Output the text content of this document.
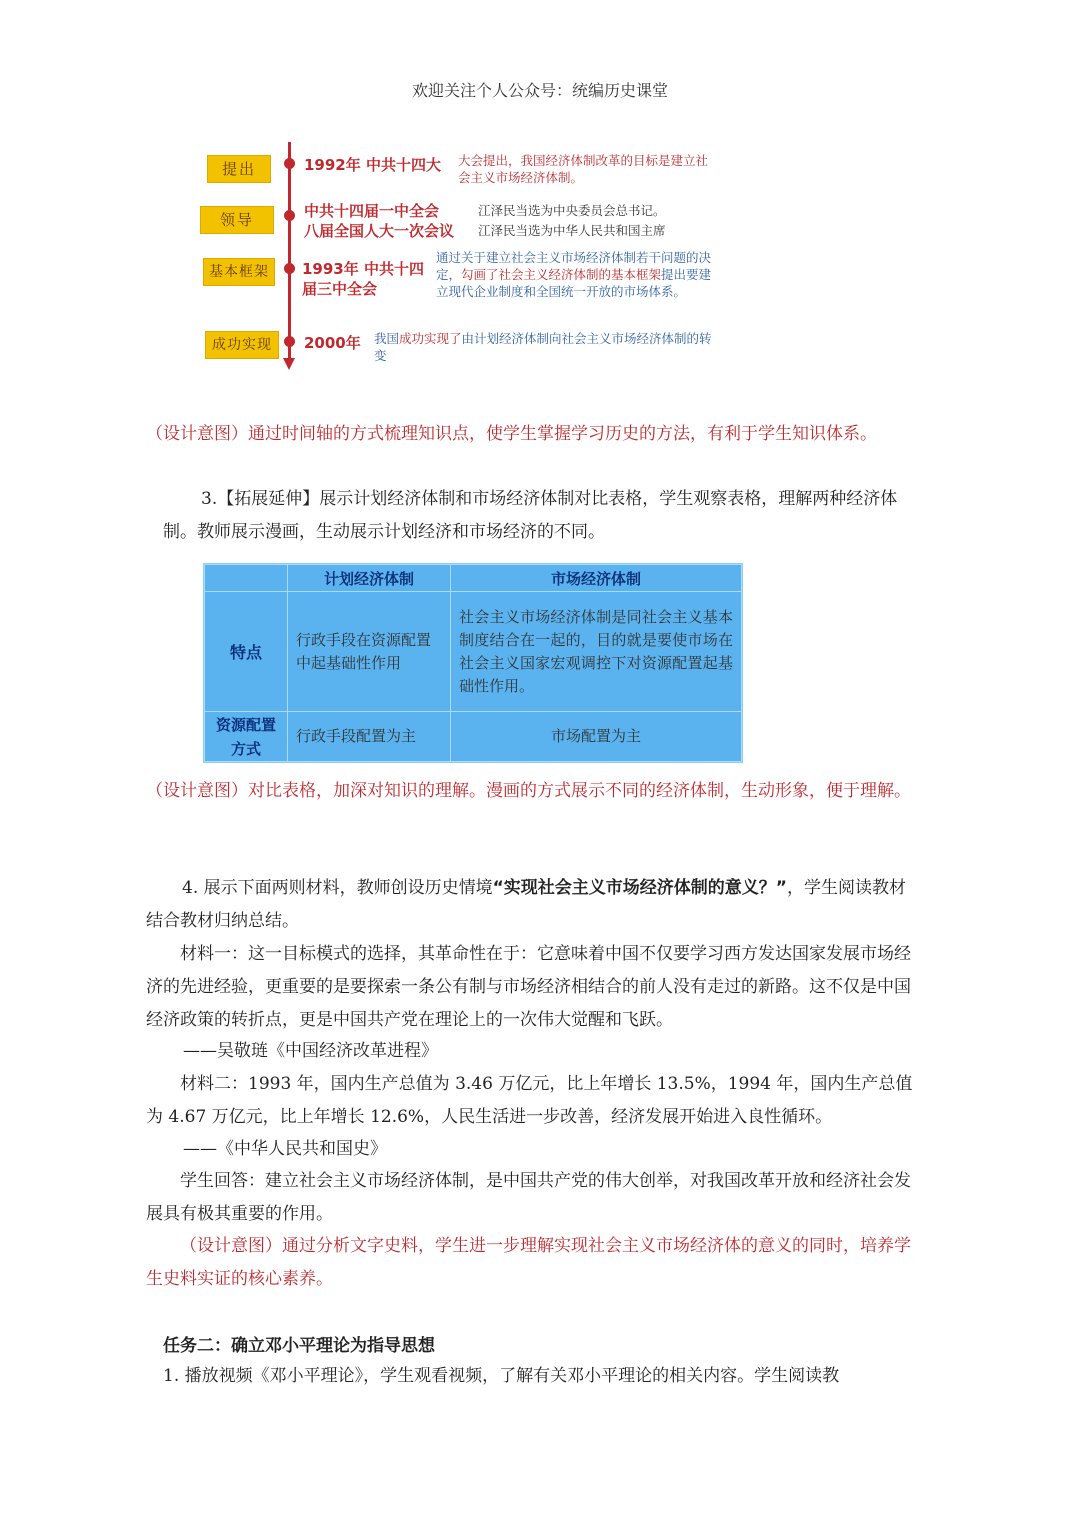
欢迎关注个人公众号：统编历史课堂
提出	1992年 中共十四大 大会提出，我国经济体制改革的目标是建立社会主义市场经济体制。
领导	中共十四届一中全会
八届全国人大一次会议
江泽民当选为中央委员会总书记。
江泽民当选为中华人民共和国主席
基本框架	1993年 中共十四
届三中全会
通过关于建立社会主义市场经济体制若干问题的决定，勾画了社会主义经济体制的基本框架提出要建立现代企业制度和全国统一开放的市场体系。
成功实现	2000年 我国成功实现了由计划经济体制向社会主义市场经济体制的转变
（设计意图）通过时间轴的方式梳理知识点，使学生掌握学习历史的方法，有利于学生知识体系。
3.【拓展延伸】展示计划经济体制和市场经济体制对比表格，学生观察表格，理解两种经济体制。教师展示漫画，生动展示计划经济和市场经济的不同。
	计划经济体制	市场经济体制
特点	行政手段在资源配置中起基础性作用	社会主义市场经济体制是同社会主义基本制度结合在一起的，目的就是要使市场在社会主义国家宏观调控下对资源配置起基础性作用。
资源配置方式	行政手段配置为主	市场配置为主
（设计意图）对比表格，加深对知识的理解。漫画的方式展示不同的经济体制，生动形象，便于理解。
4. 展示下面两则材料，教师创设历史情境“实现社会主义市场经济体制的意义？”，学生阅读教材结合教材归纳总结。
材料一：这一目标模式的选择，其革命性在于：它意味着中国不仅要学习西方发达国家发展市场经济的先进经验，更重要的是要探索一条公有制与市场经济相结合的前人没有走过的新路。这不仅是中国经济政策的转折点，更是中国共产党在理论上的一次伟大觉醒和飞跃。
——吴敬琏《中国经济改革进程》
材料二：1993 年，国内生产总值为 3.46 万亿元，比上年增长 13.5%，1994 年，国内生产总值为 4.67 万亿元，比上年增长 12.6%，人民生活进一步改善，经济发展开始进入良性循环。
——《中华人民共和国史》
学生回答：建立社会主义市场经济体制，是中国共产党的伟大创举，对我国改革开放和经济社会发展具有极其重要的作用。
（设计意图）通过分析文字史料，学生进一步理解实现社会主义市场经济体的意义的同时，培养学生史料实证的核心素养。
任务二：确立邓小平理论为指导思想
1. 播放视频《邓小平理论》，学生观看视频，了解有关邓小平理论的相关内容。学生阅读教
